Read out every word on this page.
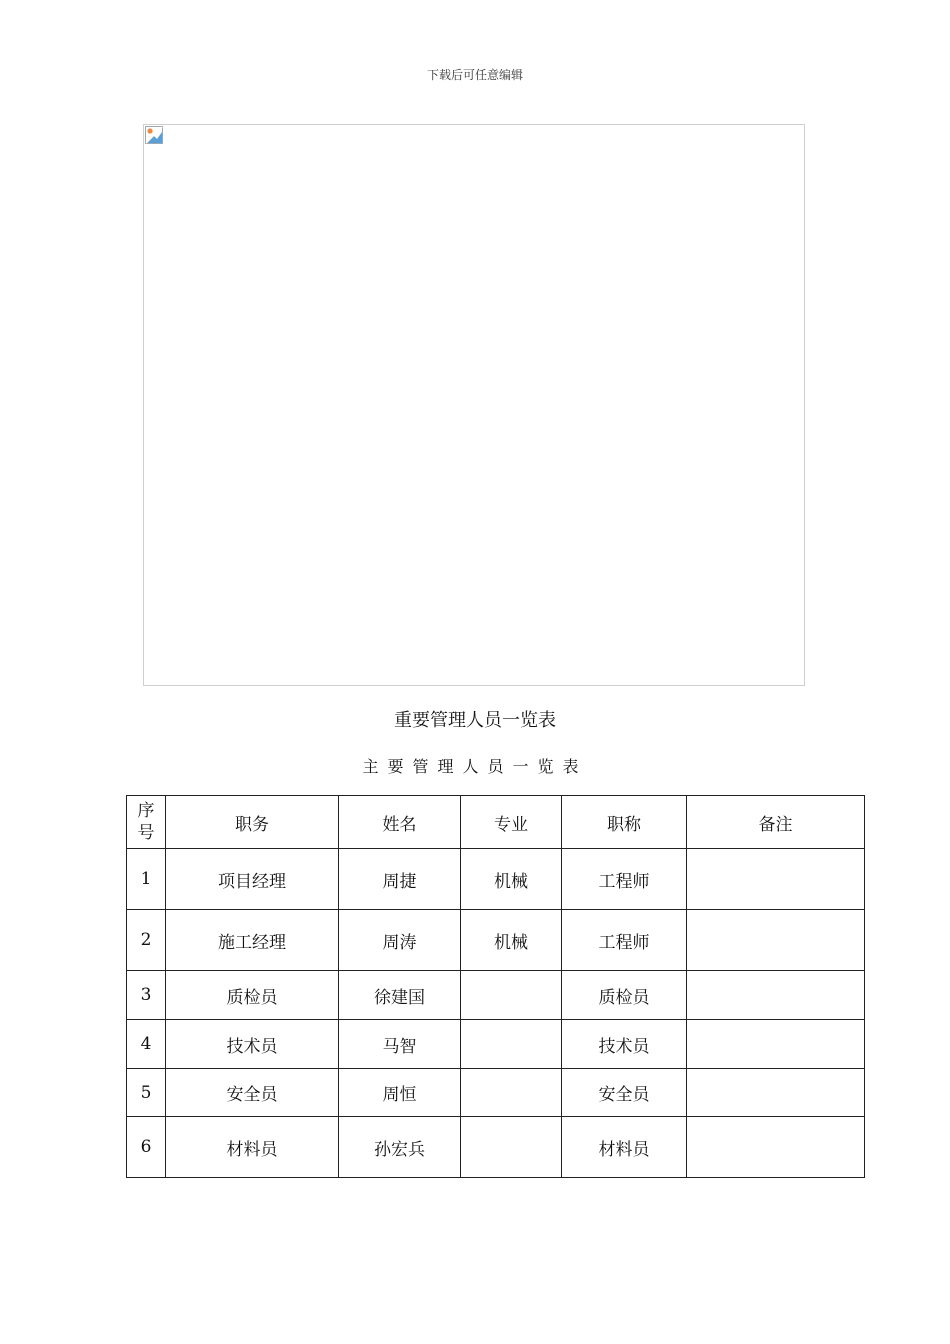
下载后可任意编辑
重要管理人员一览表
主要管理人员一览表
序
号	职务	姓名	专业	职称	备注
1	项目经理	周捷	机械	工程师	
2	施工经理	周涛	机械	工程师	
3	质检员	徐建国		质检员	
4	技术员	马智		技术员	
5	安全员	周恒		安全员	
6	材料员	孙宏兵		材料员	
